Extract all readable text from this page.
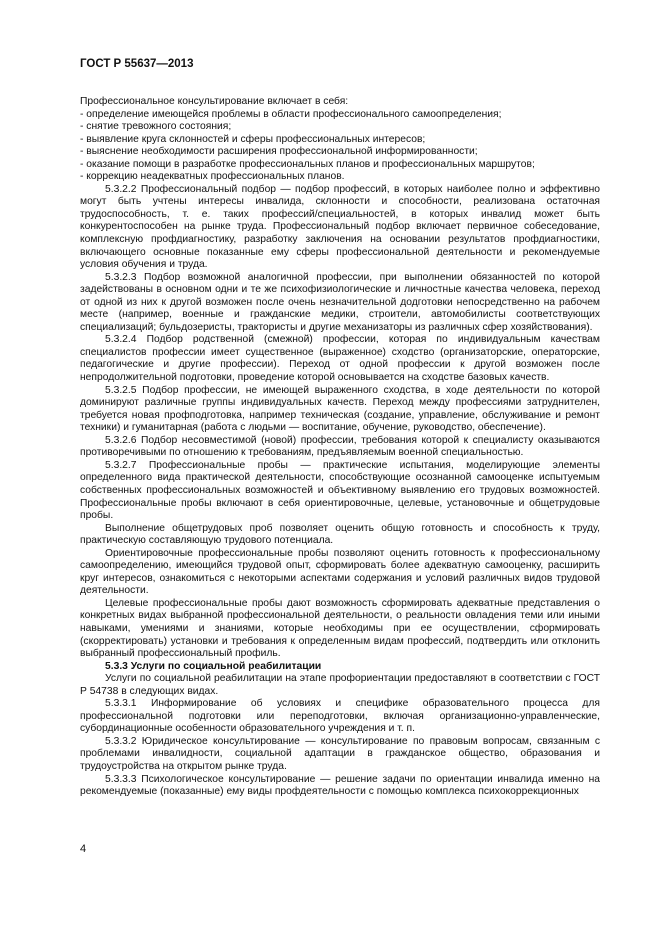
ГОСТ Р 55637—2013

Профессиональное консультирование включает в себя:

- определение имеющейся проблемы в области профессионального самоопределения;

- снятие тревожного состояния;

- выявление круга склонностей и сферы профессиональных интересов;

- выяснение необходимости расширения профессиональной информированности;

- оказание помощи в разработке профессиональных планов и профессиональных маршрутов;

- коррекцию неадекватных профессиональных планов.

5.3.2.2 Профессиональный подбор — подбор профессий, в которых наиболее полно и эффективно могут быть учтены интересы инвалида, склонности и способности, реализована остаточная трудоспособность, т. е. таких профессий/специальностей, в которых инвалид может быть конкурентоспособен на рынке труда. Профессиональный подбор включает первичное собеседование, комплексную профдиагностику, разработку заключения на основании результатов профдиагностики, включающего основные показанные ему сферы профессиональной деятельности и рекомендуемые условия обучения и труда.

5.3.2.3 Подбор возможной аналогичной профессии, при выполнении обязанностей по которой задействованы в основном одни и те же психофизиологические и личностные качества человека, переход от одной из них к другой возможен после очень незначительной додготовки непосредственно на рабочем месте (например, военные и гражданские медики, строители, автомобилисты соответствующих специализаций; бульдозеристы, трактористы и другие механизаторы из различных сфер хозяйствования).

5.3.2.4 Подбор родственной (смежной) профессии, которая по индивидуальным качествам специалистов профессии имеет существенное (выраженное) сходство (организаторские, операторские, педагогические и другие профессии). Переход от одной профессии к другой возможен после непродолжительной подготовки, проведение которой основывается на сходстве базовых качеств.

5.3.2.5 Подбор профессии, не имеющей выраженного сходства, в ходе деятельности по которой доминируют различные группы индивидуальных качеств. Переход между профессиями затруднителен, требуется новая профподготовка, например техническая (создание, управление, обслуживание и ремонт техники) и гуманитарная (работа с людьми — воспитание, обучение, руководство, обеспечение).

5.3.2.6 Подбор несовместимой (новой) профессии, требования которой к специалисту оказываются противоречивыми по отношению к требованиям, предъявляемым военной специальностью.

5.3.2.7 Профессиональные пробы — практические испытания, моделирующие элементы определенного вида практической деятельности, способствующие осознанной самооценке испытуемым собственных профессиональных возможностей и объективному выявлению его трудовых возможностей. Профессиональные пробы включают в себя ориентировочные, целевые, установочные и общетрудовые пробы.

Выполнение общетрудовых проб позволяет оценить общую готовность и способность к труду, практическую составляющую трудового потенциала.

Ориентировочные профессиональные пробы позволяют оценить готовность к профессиональному самоопределению, имеющийся трудовой опыт, сформировать более адекватную самооценку, расширить круг интересов, ознакомиться с некоторыми аспектами содержания и условий различных видов трудовой деятельности.

Целевые профессиональные пробы дают возможность сформировать адекватные представления о конкретных видах выбранной профессиональной деятельности, о реальности овладения теми или иными навыками, умениями и знаниями, которые необходимы при ее осуществлении, сформировать (скорректировать) установки и требования к определенным видам профессий, подтвердить или отклонить выбранный профессиональный профиль.

5.3.3 Услуги по социальной реабилитации

Услуги по социальной реабилитации на этапе профориентации предоставляют в соответствии с ГОСТ Р 54738 в следующих видах.

5.3.3.1 Информирование об условиях и специфике образовательного процесса для профессиональной подготовки или переподготовки, включая организационно-управленческие, субординационные особенности образовательного учреждения и т. п.

5.3.3.2 Юридическое консультирование — консультирование по правовым вопросам, связанным с проблемами инвалидности, социальной адаптации в гражданское общество, образования и трудоустройства на открытом рынке труда.

5.3.3.3 Психологическое консультирование — решение задачи по ориентации инвалида именно на рекомендуемые (показанные) ему виды профдеятельности с помощью комплекса психокоррекционных

4
